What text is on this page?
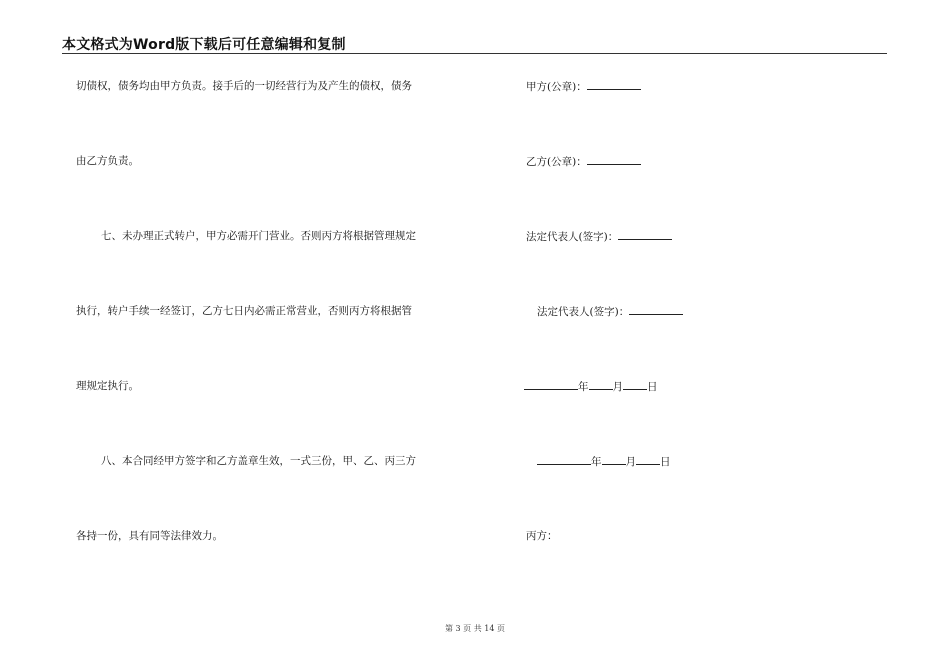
本文格式为Word版下载后可任意编辑和复制
切债权，债务均由甲方负责。接手后的一切经营行为及产生的债权，债务
由乙方负责。
七、未办理正式转户，甲方必需开门营业。否则丙方将根据管理规定
执行，转户手续一经签订，乙方七日内必需正常营业，否则丙方将根据管
理规定执行。
八、本合同经甲方签字和乙方盖章生效，一式三份，甲、乙、丙三方
各持一份，具有同等法律效力。
甲方(公章)：
乙方(公章)：
法定代表人(签字)：
法定代表人(签字)：
年 月 日
年 月 日
丙方：
第 3 页 共 14 页
